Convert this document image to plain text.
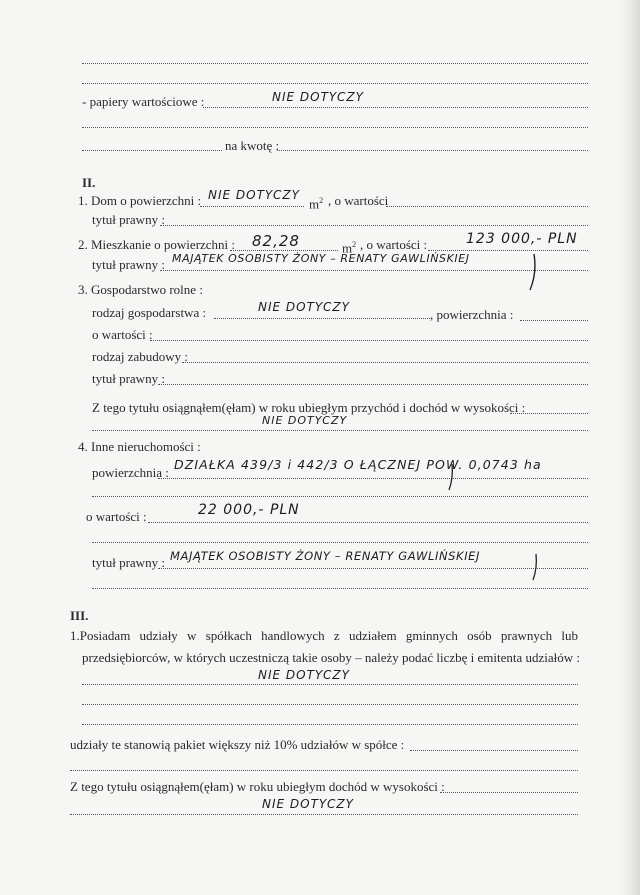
- papiery wartościowe :	NIE DOTYCZY
na kwotę :
II.
1. Dom o powierzchni : NIE DOTYCZY
$m^2$ , o wartości
tytuł prawny :
2. Mieszkanie o powierzchni : 82,28	$m^2$ , o wartości :	123 000,- PLN
tytuł prawny : MAJĄTEK OSOBISTY ŻONY – RENATY GAWLIŃSKIEJ
3. Gospodarstwo rolne :
rodzaj gospodarstwa :	NIE DOTYCZY	, powierzchnia :
o wartości :
rodzaj zabudowy :
tytuł prawny :
Z tego tytułu osiągnąłem(ęłam) w roku ubiegłym przychód i dochód w wysokości :
NIE DOTYCZY
4. Inne nieruchomości :
powierzchnia :
DZIAŁKA 439/3 i 442/3 O ŁĄCZNEJ POW. 0,0743 ha
o wartości :	22 000,- PLN
tytuł prawny : MAJĄTEK OSOBISTY ŻONY – RENATY GAWLIŃSKIEJ
III.
1.Posiadam udziały w spółkach handlowych z udziałem gminnych osób prawnych lub
przedsiębiorców, w których uczestniczą takie osoby – należy podać liczbę i emitenta udziałów :
NIE DOTYCZY
udziały te stanowią pakiet większy niż 10% udziałów w spółce :
Z tego tytułu osiągnąłem(ęłam) w roku ubiegłym dochód w wysokości :
NIE DOTYCZY
